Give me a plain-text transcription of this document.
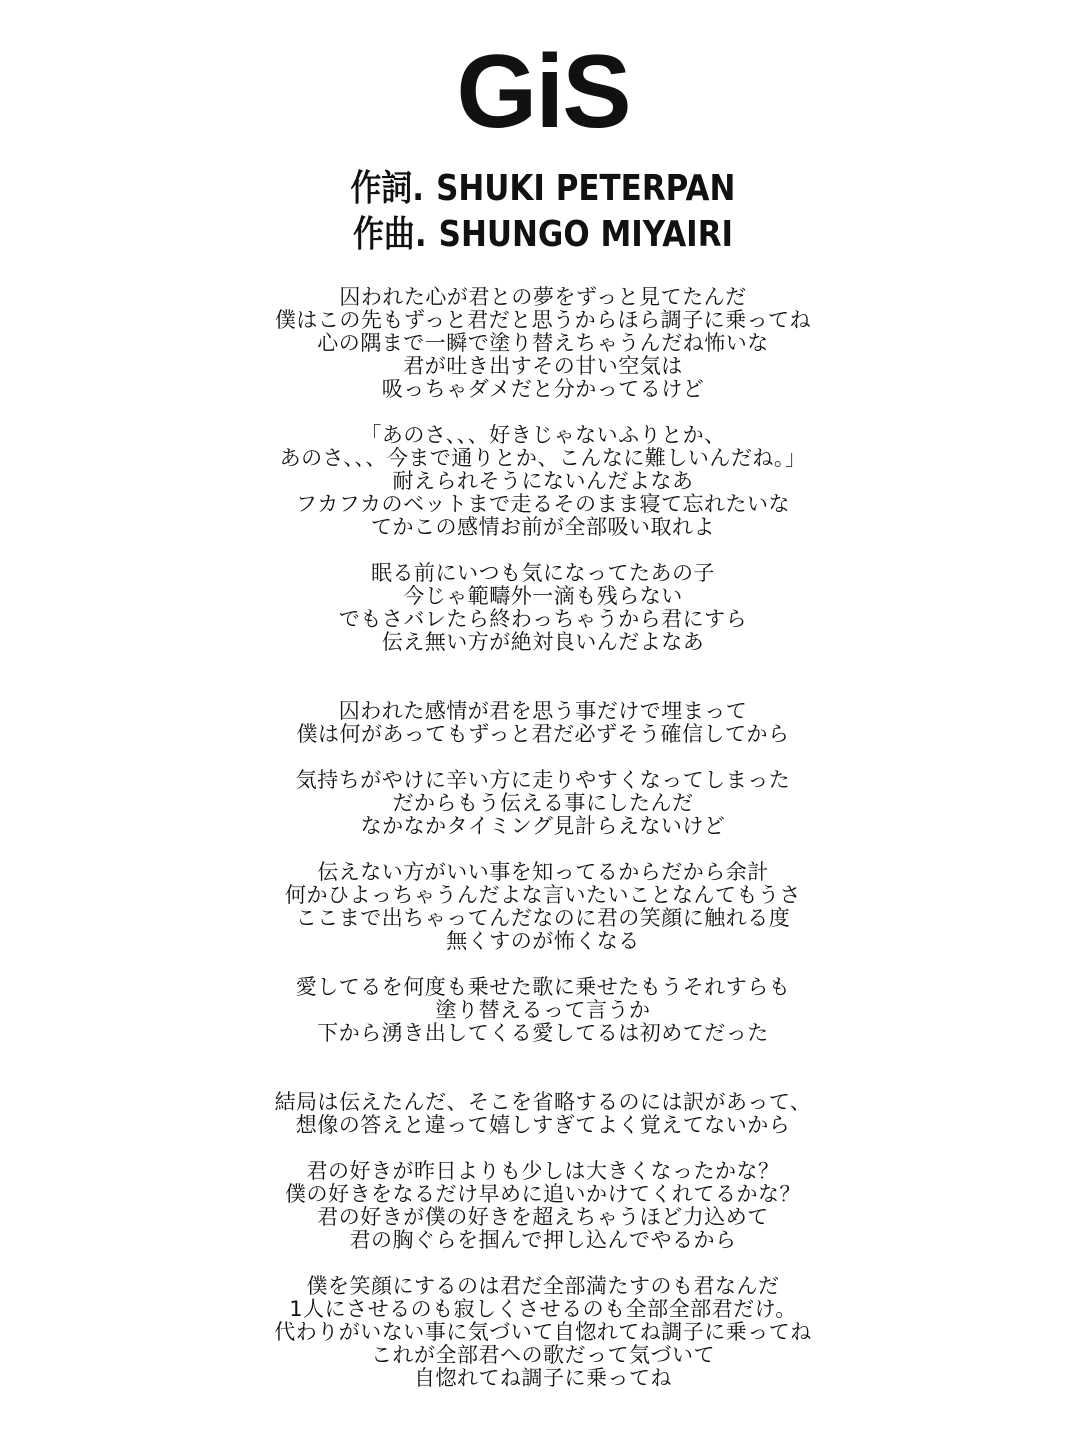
GiS
作詞. SHUKI PETERPAN
作曲. SHUNGO MIYAIRI
囚われた心が君との夢をずっと見てたんだ
僕はこの先もずっと君だと思うからほら調子に乗ってね
心の隅まで一瞬で塗り替えちゃうんだね怖いな
君が吐き出すその甘い空気は
吸っちゃダメだと分かってるけど
「あのさ、、、好きじゃないふりとか、
あのさ、、、今まで通りとか、こんなに難しいんだね。」
耐えられそうにないんだよなあ
フカフカのベットまで走るそのまま寝て忘れたいな
てかこの感情お前が全部吸い取れよ
眠る前にいつも気になってたあの子
今じゃ範疇外一滴も残らない
でもさバレたら終わっちゃうから君にすら
伝え無い方が絶対良いんだよなあ
囚われた感情が君を思う事だけで埋まって
僕は何があってもずっと君だ必ずそう確信してから
気持ちがやけに辛い方に走りやすくなってしまった
だからもう伝える事にしたんだ
なかなかタイミング見計らえないけど
伝えない方がいい事を知ってるからだから余計
何かひよっちゃうんだよな言いたいことなんてもうさ
ここまで出ちゃってんだなのに君の笑顔に触れる度
無くすのが怖くなる
愛してるを何度も乗せた歌に乗せたもうそれすらも
塗り替えるって言うか
下から湧き出してくる愛してるは初めてだった
結局は伝えたんだ、そこを省略するのには訳があって、
想像の答えと違って嬉しすぎてよく覚えてないから
君の好きが昨日よりも少しは大きくなったかな？
僕の好きをなるだけ早めに追いかけてくれてるかな？
君の好きが僕の好きを超えちゃうほど力込めて
君の胸ぐらを掴んで押し込んでやるから
僕を笑顔にするのは君だ全部満たすのも君なんだ
1人にさせるのも寂しくさせるのも全部全部君だけ。
代わりがいない事に気づいて自惚れてね調子に乗ってね
これが全部君への歌だって気づいて
自惚れてね調子に乗ってね
